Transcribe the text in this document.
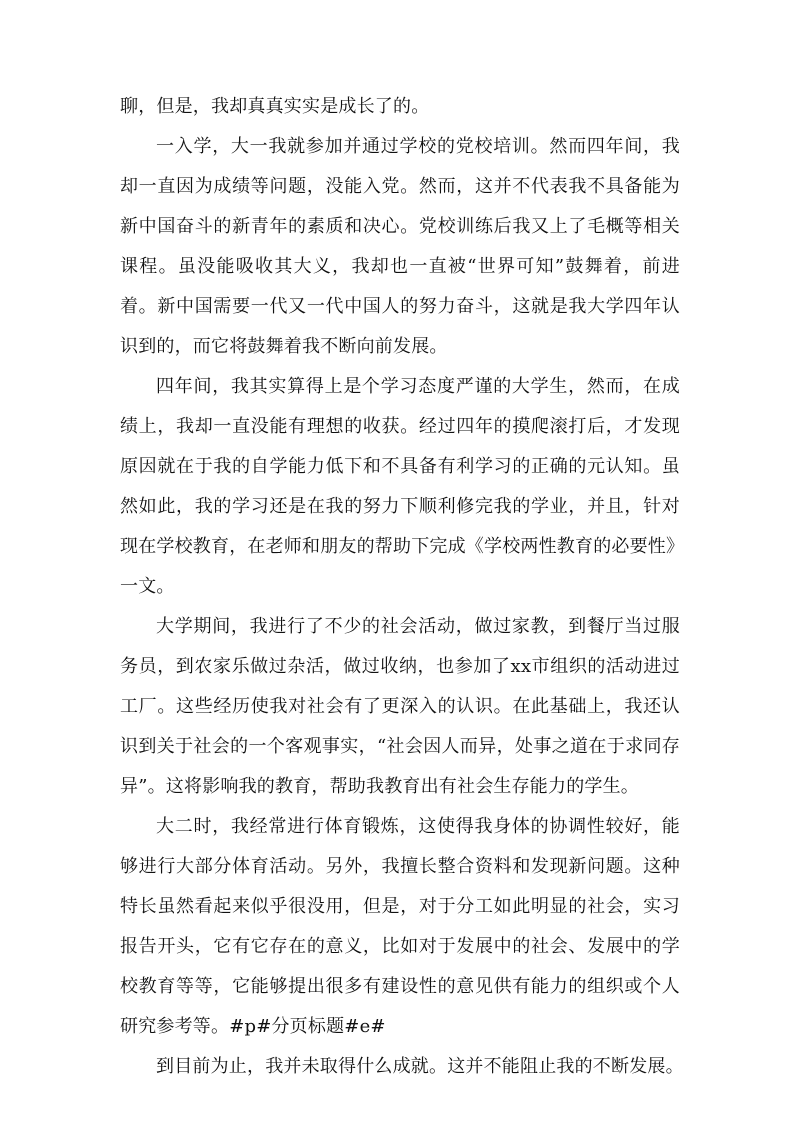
聊，但是，我却真真实实是成长了的。
一入学，大一我就参加并通过学校的党校培训。然而四年间，我
却一直因为成绩等问题，没能入党。然而，这并不代表我不具备能为
新中国奋斗的新青年的素质和决心。党校训练后我又上了毛概等相关
课程。虽没能吸收其大义，我却也一直被“世界可知”鼓舞着，前进
着。新中国需要一代又一代中国人的努力奋斗，这就是我大学四年认
识到的，而它将鼓舞着我不断向前发展。
四年间，我其实算得上是个学习态度严谨的大学生，然而，在成
绩上，我却一直没能有理想的收获。经过四年的摸爬滚打后，才发现
原因就在于我的自学能力低下和不具备有利学习的正确的元认知。虽
然如此，我的学习还是在我的努力下顺利修完我的学业，并且，针对
现在学校教育，在老师和朋友的帮助下完成《学校两性教育的必要性》
一文。
大学期间，我进行了不少的社会活动，做过家教，到餐厅当过服
务员，到农家乐做过杂活，做过收纳，也参加了xx市组织的活动进过
工厂。这些经历使我对社会有了更深入的认识。在此基础上，我还认
识到关于社会的一个客观事实，“社会因人而异，处事之道在于求同存
异”。这将影响我的教育，帮助我教育出有社会生存能力的学生。
大二时，我经常进行体育锻炼，这使得我身体的协调性较好，能
够进行大部分体育活动。另外，我擅长整合资料和发现新问题。这种
特长虽然看起来似乎很没用，但是，对于分工如此明显的社会，实习
报告开头，它有它存在的意义，比如对于发展中的社会、发展中的学
校教育等等，它能够提出很多有建设性的意见供有能力的组织或个人
研究参考等。#p#分页标题#e#
到目前为止，我并未取得什么成就。这并不能阻止我的不断发展。
